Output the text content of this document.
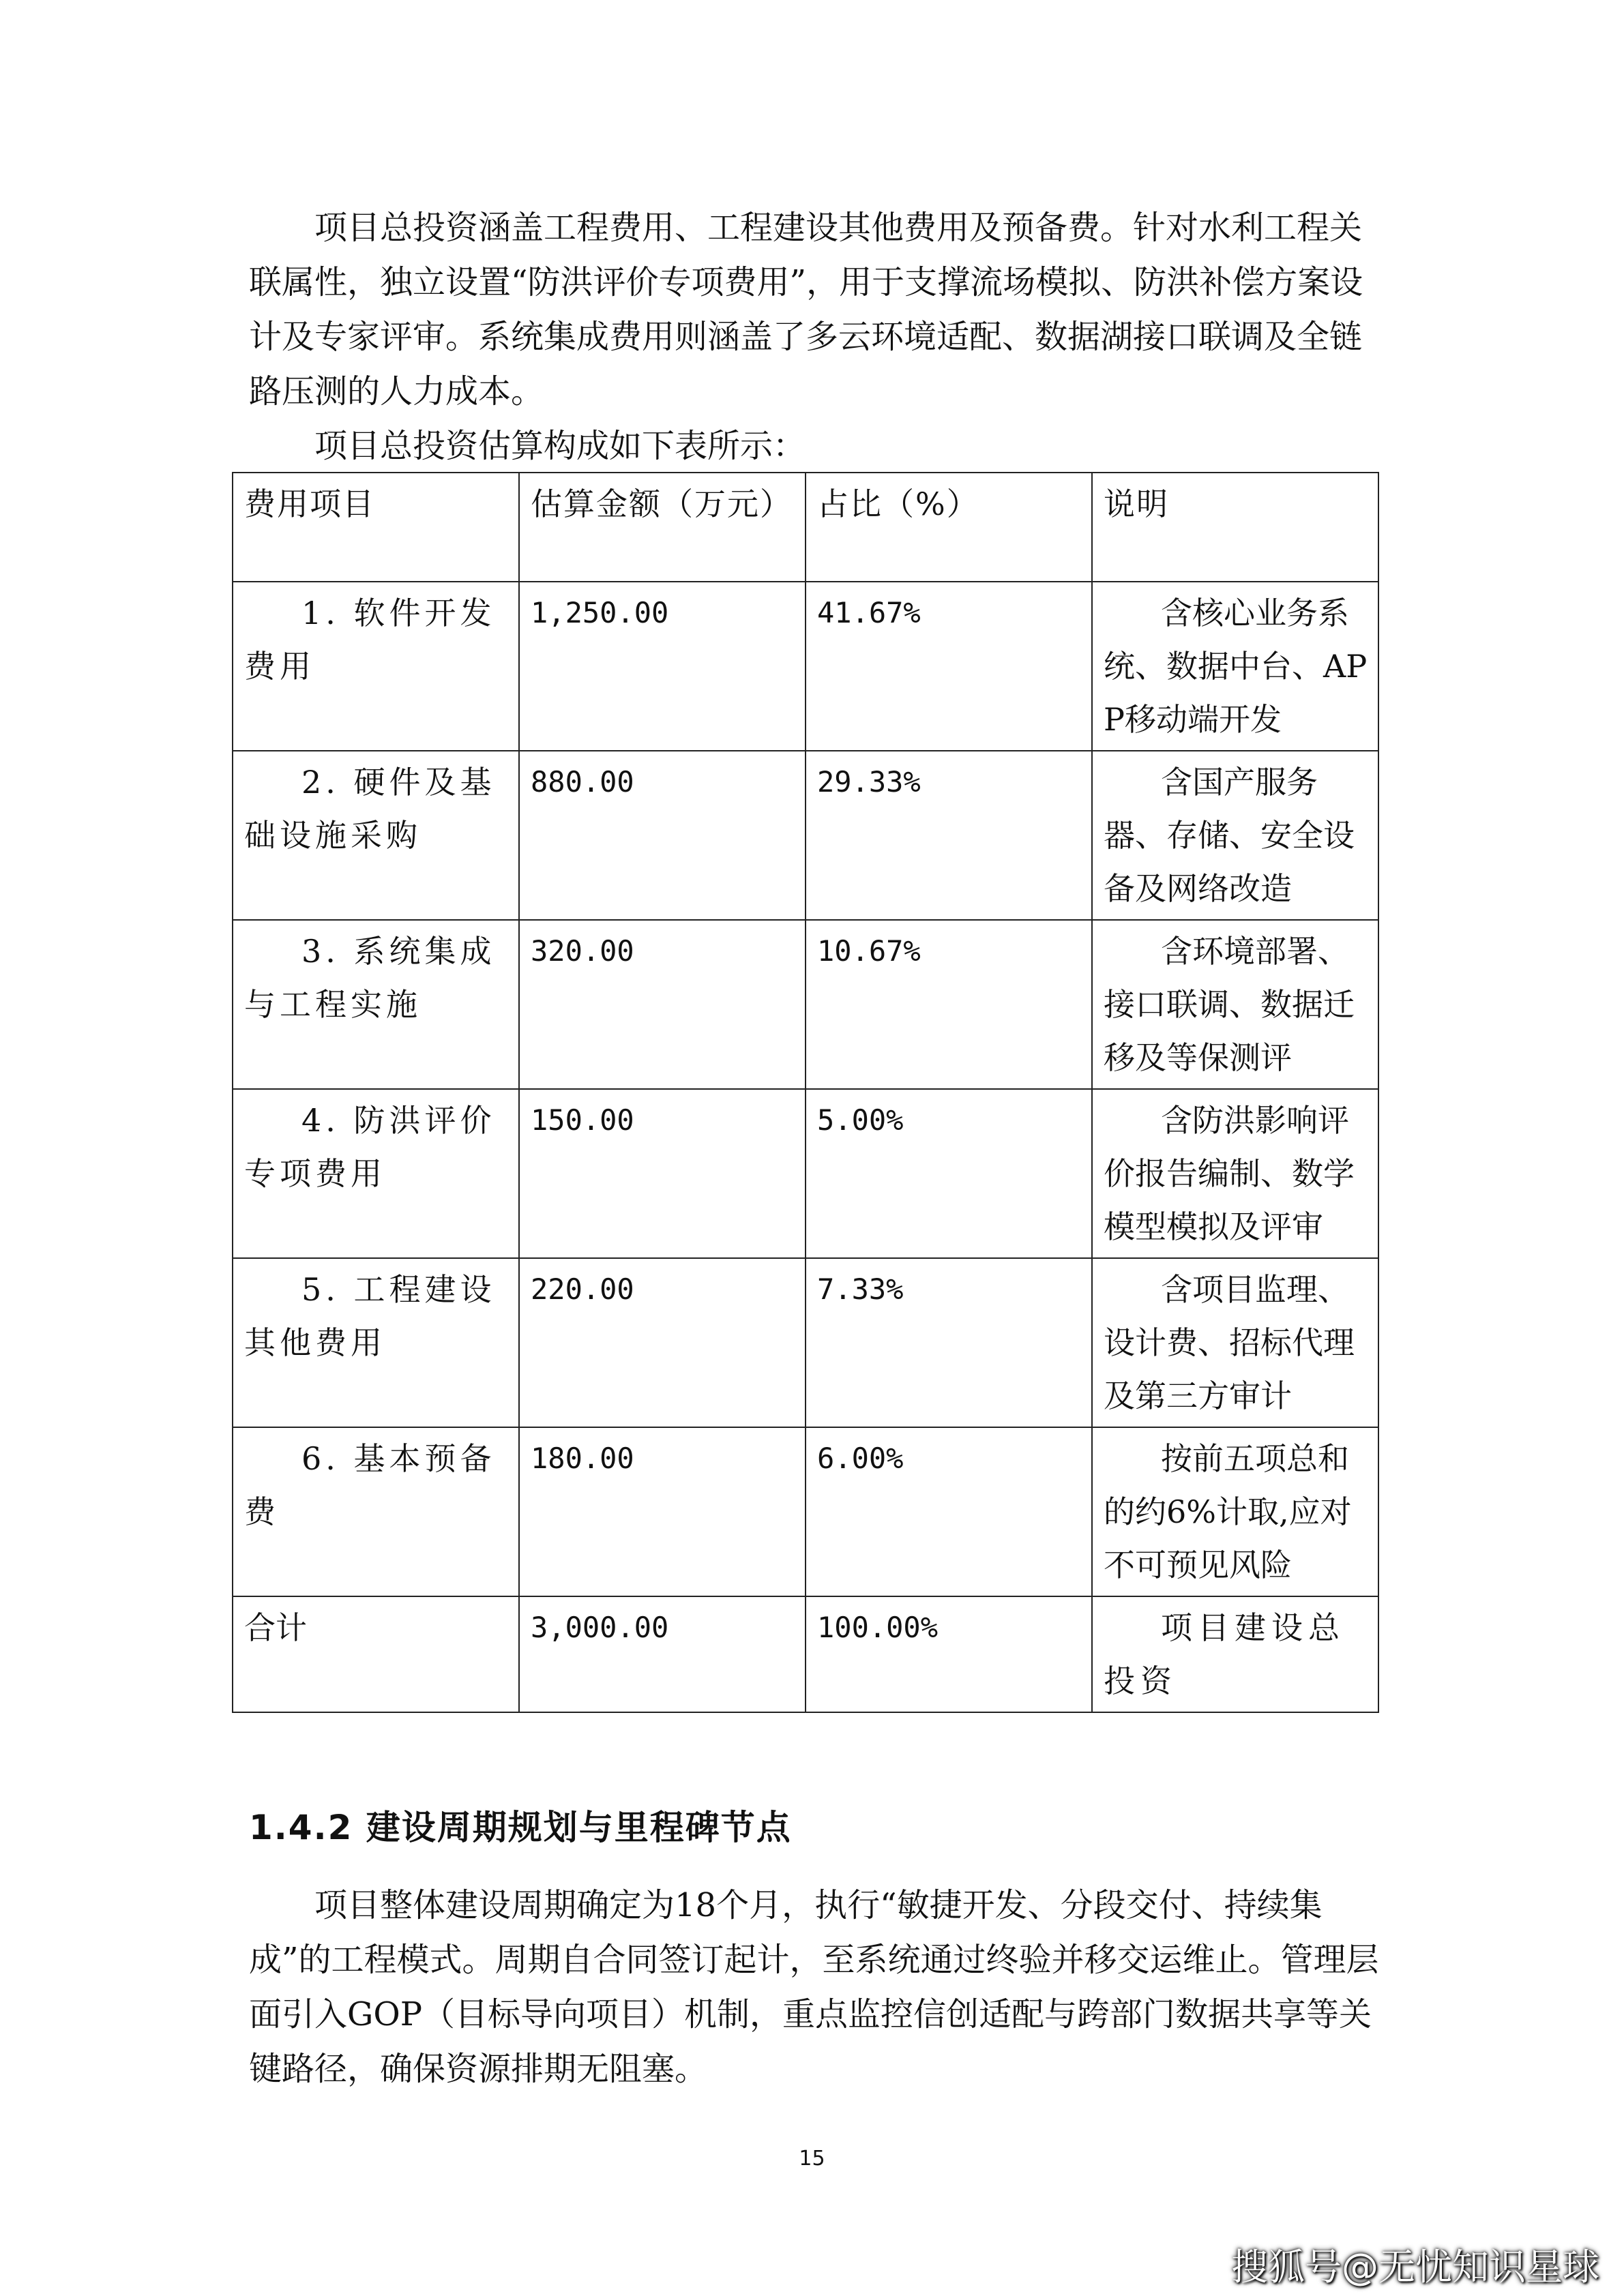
项目总投资涵盖工程费用、工程建设其他费用及预备费。针对水利工程关联属性，独立设置“防洪评价专项费用”，用于支撑流场模拟、防洪补偿方案设计及专家评审。系统集成费用则涵盖了多云环境适配、数据湖接口联调及全链路压测的人力成本。

项目总投资估算构成如下表所示：

费用项目	估算金额（万元）	占比（%）	说明
1. 软件开发费用	1,250.00	41.67%	含核心业务系统、数据中台、APP移动端开发
2. 硬件及基础设施采购	880.00	29.33%	含国产服务器、存储、安全设备及网络改造
3. 系统集成与工程实施	320.00	10.67%	含环境部署、接口联调、数据迁移及等保测评
4. 防洪评价专项费用	150.00	5.00%	含防洪影响评价报告编制、数学模型模拟及评审
5. 工程建设其他费用	220.00	7.33%	含项目监理、设计费、招标代理及第三方审计
6. 基本预备费	180.00	6.00%	按前五项总和的约6%计取,应对不可预见风险
合计	3,000.00	100.00%	项目建设总投资
1.4.2 建设周期规划与里程碑节点

项目整体建设周期确定为18个月，执行“敏捷开发、分段交付、持续集成”的工程模式。周期自合同签订起计，至系统通过终验并移交运维止。管理层面引入GOP（目标导向项目）机制，重点监控信创适配与跨部门数据共享等关键路径，确保资源排期无阻塞。

15
搜狐号@无忧知识星球
